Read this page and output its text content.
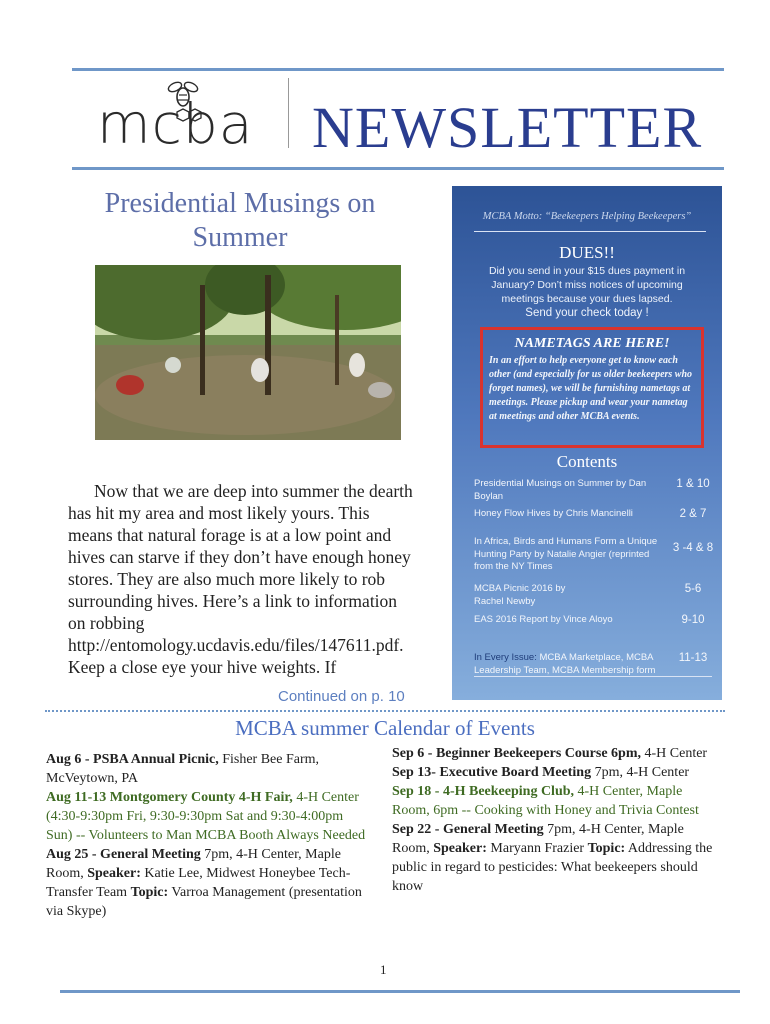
mcba NEWSLETTER
Presidential Musings on Summer

Now that we are deep into summer the dearth has hit my area and most likely yours. This means that natural forage is at a low point and hives can starve if they don’t have enough honey stores. They are also much more likely to rob surrounding hives. Here’s a link to information on robbing http://entomology.ucdavis.edu/files/147611.pdf. Keep a close eye your hive weights. If

Continued on p. 10
MCBA Motto: “Beekeepers Helping Beekeepers”
DUES!!
Did you send in your $15 dues payment in January? Don’t miss notices of upcoming meetings because your dues lapsed.
Send your check today !
NAMETAGS ARE HERE!
In an effort to help everyone get to know each other (and especially for us older beekeepers who forget names), we will be furnishing nametags at meetings. Please pickup and wear your nametag at meetings and other MCBA events.
Contents
Presidential Musings on Summer by Dan Boylan
1 & 10
Honey Flow Hives by Chris Mancinelli	2 & 7
In Africa, Birds and Humans Form a Unique Hunting Party by Natalie Angier (reprinted from the NY Times
3 -4 & 8
MCBA Picnic 2016 by Rachel Newby
5-6
EAS 2016 Report by Vince Aloyo	9-10
In Every Issue: MCBA Marketplace, MCBA Leadership Team, MCBA Membership form
11-13
MCBA summer Calendar of Events

Aug 6 - PSBA Annual Picnic, Fisher Bee Farm, McVeytown, PA

Aug 11-13 Montgomery County 4-H Fair, 4-H Center (4:30-9:30pm Fri, 9:30-9:30pm Sat and 9:30-4:00pm Sun) -- Volunteers to Man MCBA Booth Always Needed

Aug 25 - General Meeting 7pm, 4-H Center, Maple Room, Speaker: Katie Lee, Midwest Honeybee Tech-Transfer Team Topic: Varroa Management (presentation via Skype)

Sep 6 - Beginner Beekeepers Course 6pm, 4-H Center

Sep 13- Executive Board Meeting 7pm, 4-H Center

Sep 18 - 4-H Beekeeping Club, 4-H Center, Maple Room, 6pm -- Cooking with Honey and Trivia Contest

Sep 22 - General Meeting 7pm, 4-H Center, Maple Room, Speaker: Maryann Frazier Topic: Addressing the public in regard to pesticides: What beekeepers should know

1
